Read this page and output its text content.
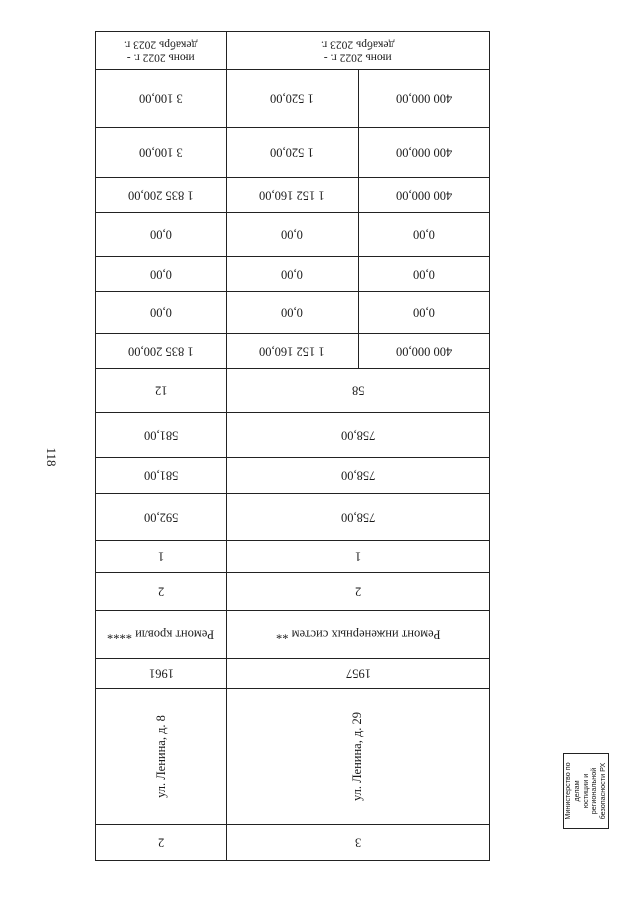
118
июнь 2022 г. -
декабрь 2023 г.
июнь 2022 г. -
декабрь 2023 г.
3 100,00	1 520,00	400 000,00
3 100,00	1 520,00	400 000,00
1 835 200,00	1 152 160,00	400 000,00
0,00	0,00	0,00
0,00	0,00	0,00
0,00	0,00	0,00
1 835 200,00	1 152 160,00	400 000,00
12	58
581,00	758,00
581,00	758,00
592,00	758,00
1	1
2	2
Ремонт кровли ****	Ремонт инженерных систем **
1961	1957
ул. Ленина, д. 8	ул. Ленина, д. 29
2	3
Министерство по делам юстиции и региональной безопасности РХ
